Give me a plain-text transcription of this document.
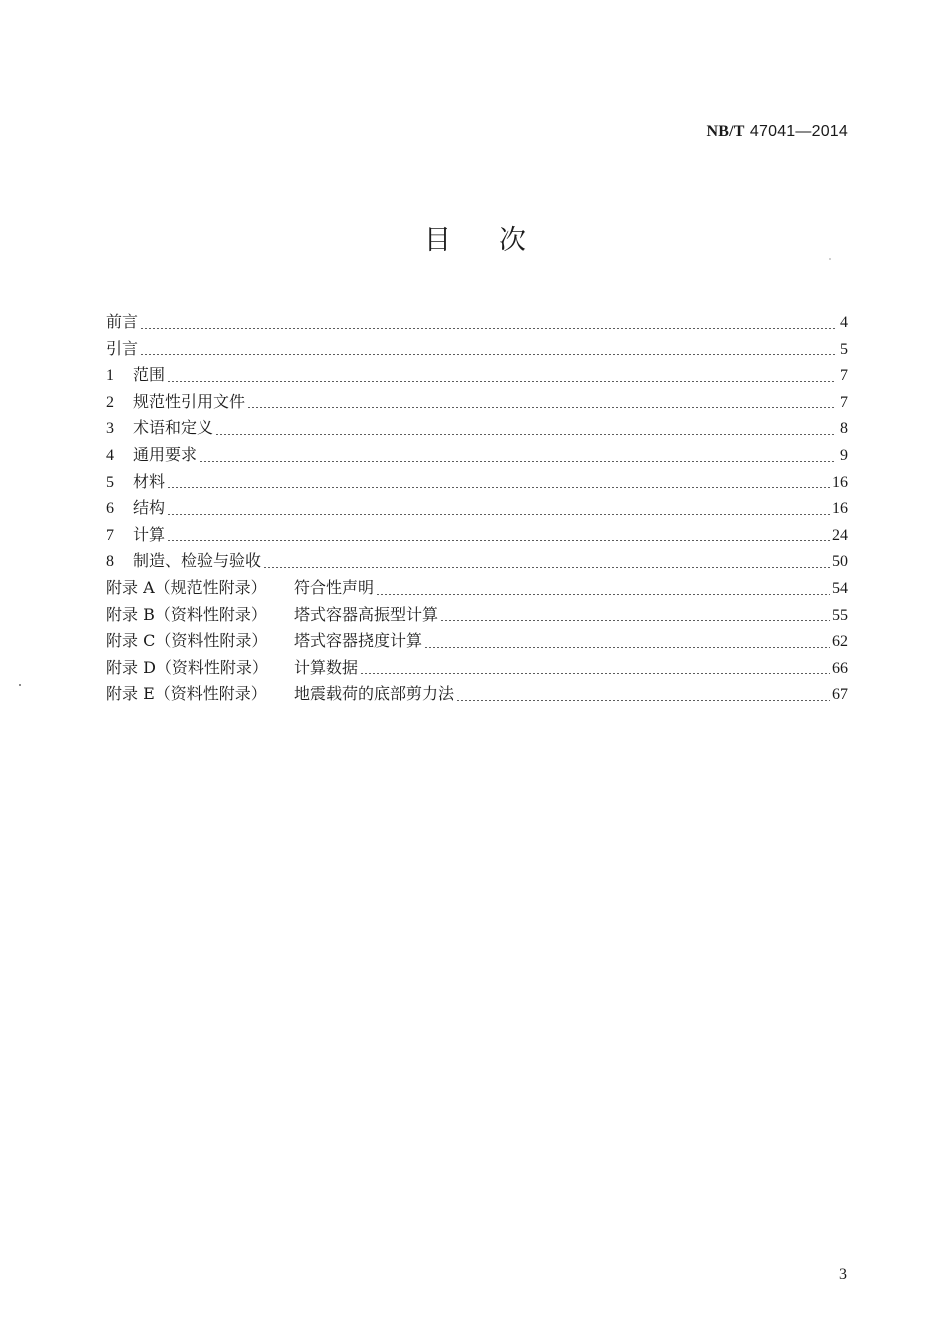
NB/T 47041—2014
目次
前言	4
引言	5
1	范围	7
2	规范性引用文件	7
3	术语和定义	8
4	通用要求	9
5	材料	16
6	结构	16
7	计算	24
8	制造、检验与验收	50
附录 A（规范性附录）	符合性声明	54
附录 B（资料性附录）	塔式容器高振型计算	55
附录 C（资料性附录）	塔式容器挠度计算	62
附录 D（资料性附录）	计算数据	66
附录 E（资料性附录）	地震载荷的底部剪力法	67
3
